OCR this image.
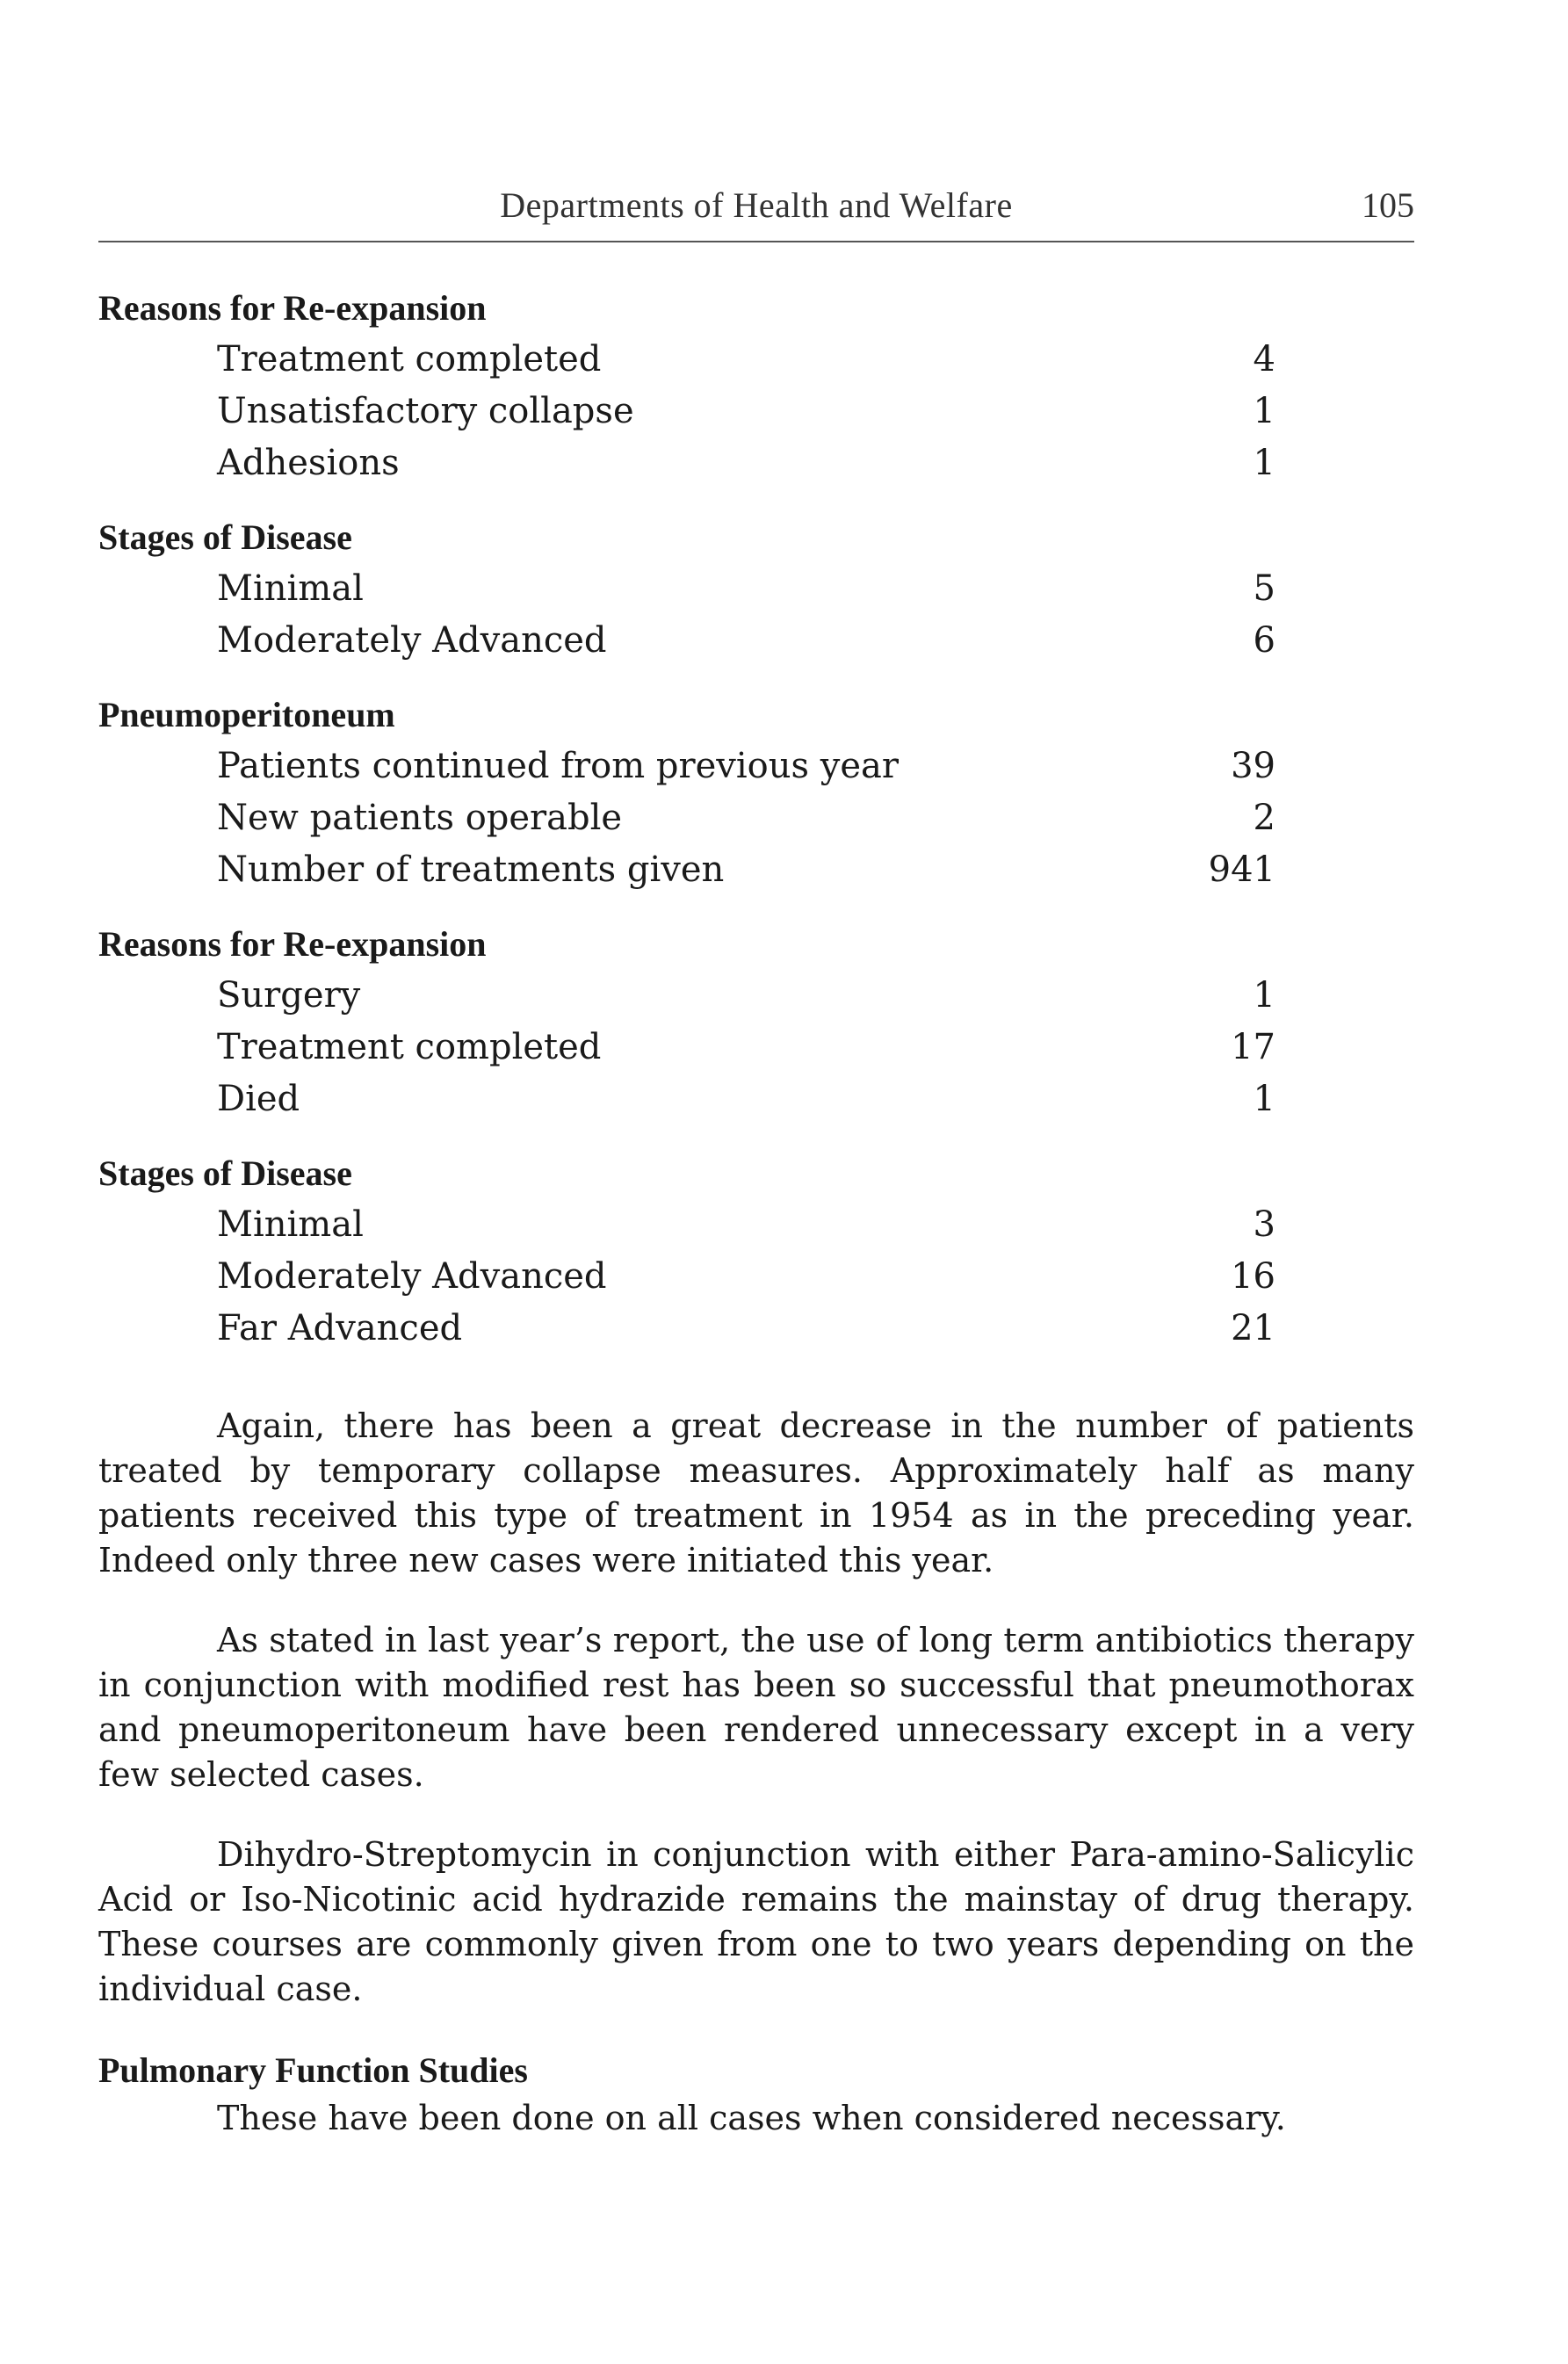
Departments of Health and Welfare	105
Reasons for Re-expansion
Treatment completed	4
Unsatisfactory collapse	1
Adhesions	1
Stages of Disease
Minimal	5
Moderately Advanced	6
Pneumoperitoneum
Patients continued from previous year	39
New patients operable	2
Number of treatments given	941
Reasons for Re-expansion
Surgery	1
Treatment completed	17
Died	1
Stages of Disease
Minimal	3
Moderately Advanced	16
Far Advanced	21

Again, there has been a great decrease in the number of patients treated by temporary collapse measures. Approximately half as many patients received this type of treatment in 1954 as in the preceding year. Indeed only three new cases were initiated this year.

As stated in last year’s report, the use of long term antibiotics therapy in conjunction with modified rest has been so successful that pneumothorax and pneumoperitoneum have been rendered unnecessary except in a very few selected cases.

Dihydro-Streptomycin in conjunction with either Para-amino-Salicylic Acid or Iso-Nicotinic acid hydrazide remains the mainstay of drug therapy. These courses are commonly given from one to two years depending on the individual case.

Pulmonary Function Studies
These have been done on all cases when considered necessary.
